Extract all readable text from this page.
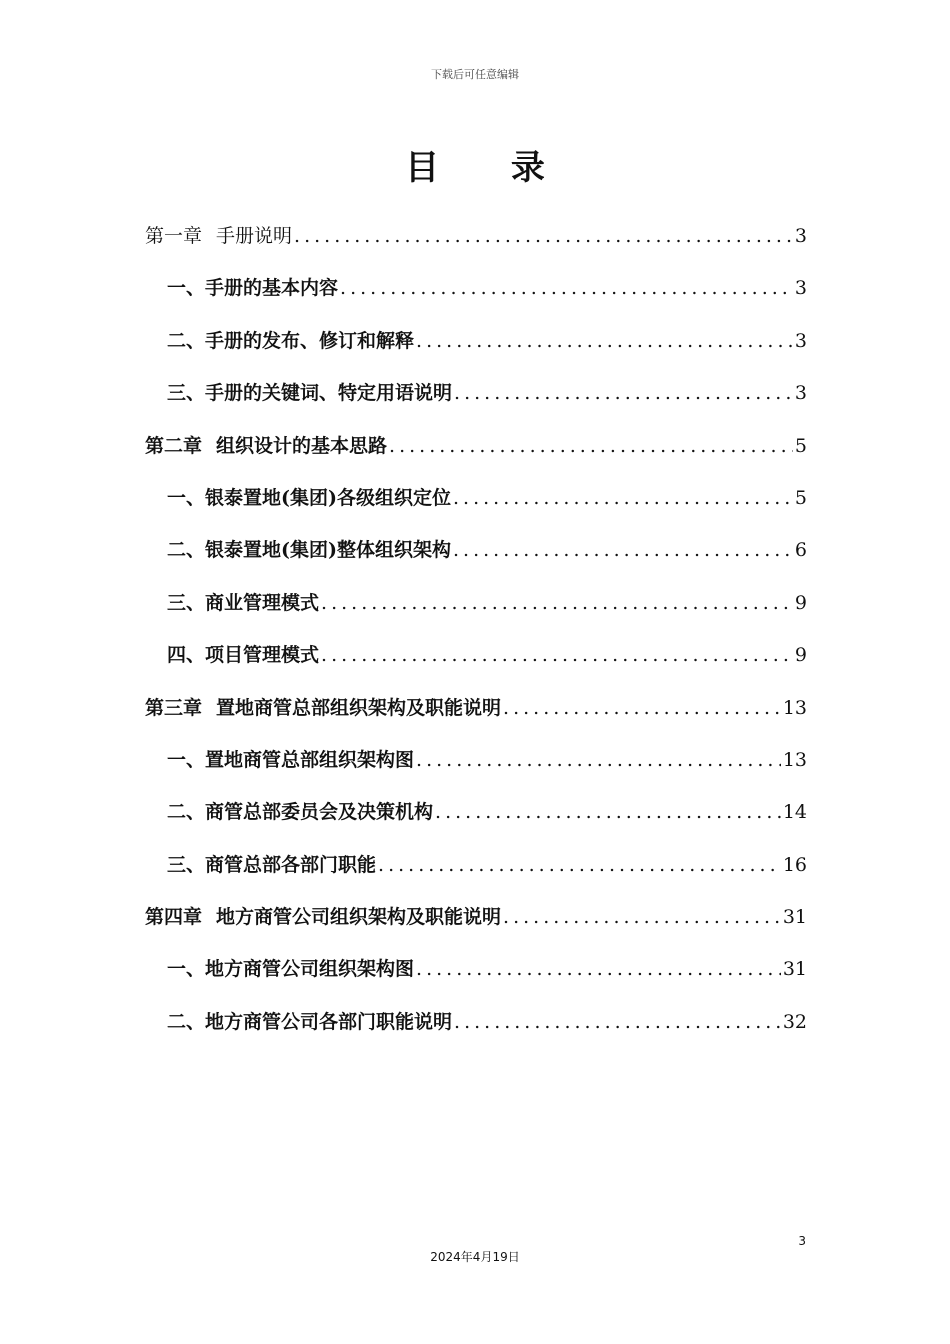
下载后可任意编辑
目 录
第一章 手册说明 .....	3
一、 手册的基本内容 .....	3
二、 手册的发布、修订和解释 .....	3
三、 手册的关键词、特定用语说明 .....	3
第二章 组织设计的基本思路 .....	5
一、 银泰置地(集团)各级组织定位 .....	5
二、 银泰置地(集团)整体组织架构 .....	6
三、 商业管理模式 .....	9
四、 项目管理模式 .....	9
第三章 置地商管总部组织架构及职能说明 .....	13
一、 置地商管总部组织架构图 .....	13
二、 商管总部委员会及决策机构 .....	14
三、 商管总部各部门职能 .....	16
第四章 地方商管公司组织架构及职能说明 .....	31
一、 地方商管公司组织架构图 .....	31
二、 地方商管公司各部门职能说明 .....	32
3
2024年4月19日
